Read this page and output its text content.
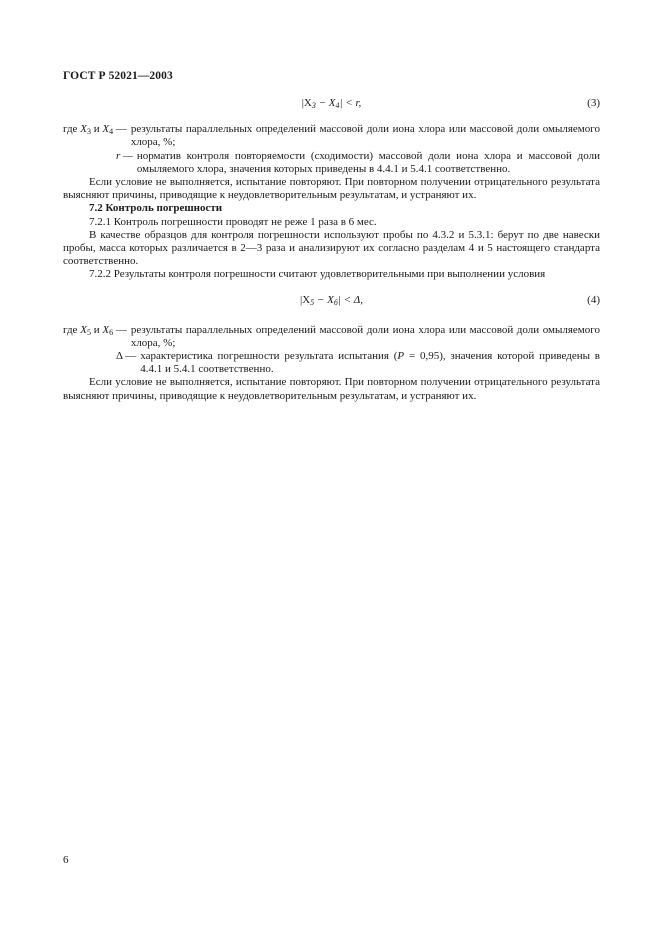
ГОСТ Р 52021—2003
$|X_3 - X_4| < r$,	(3)
где $X_3$ и $X_4$ — результаты параллельных определений массовой доли иона хлора или массовой доли омыляемого хлора, %;
r — норматив контроля повторяемости (сходимости) массовой доли иона хлора и массовой доли омыляемого хлора, значения которых приведены в 4.4.1 и 5.4.1 соответственно.

Если условие не выполняется, испытание повторяют. При повторном получении отрицательного результата выясняют причины, приводящие к неудовлетворительным результатам, и устраняют их.

7.2 Контроль погрешности

7.2.1 Контроль погрешности проводят не реже 1 раза в 6 мес.

В качестве образцов для контроля погрешности используют пробы по 4.3.2 и 5.3.1: берут по две навески пробы, масса которых различается в 2—3 раза и анализируют их согласно разделам 4 и 5 настоящего стандарта соответственно.

7.2.2 Результаты контроля погрешности считают удовлетворительными при выполнении условия

$|X_5 - X_6| < \Delta$,	(4)
где $X_5$ и $X_6$ — результаты параллельных определений массовой доли иона хлора или массовой доли омыляемого хлора, %;
Δ — характеристика погрешности результата испытания (P = 0,95), значения которой приведены в 4.4.1 и 5.4.1 соответственно.

Если условие не выполняется, испытание повторяют. При повторном получении отрицательного результата выясняют причины, приводящие к неудовлетворительным результатам, и устраняют их.

6
